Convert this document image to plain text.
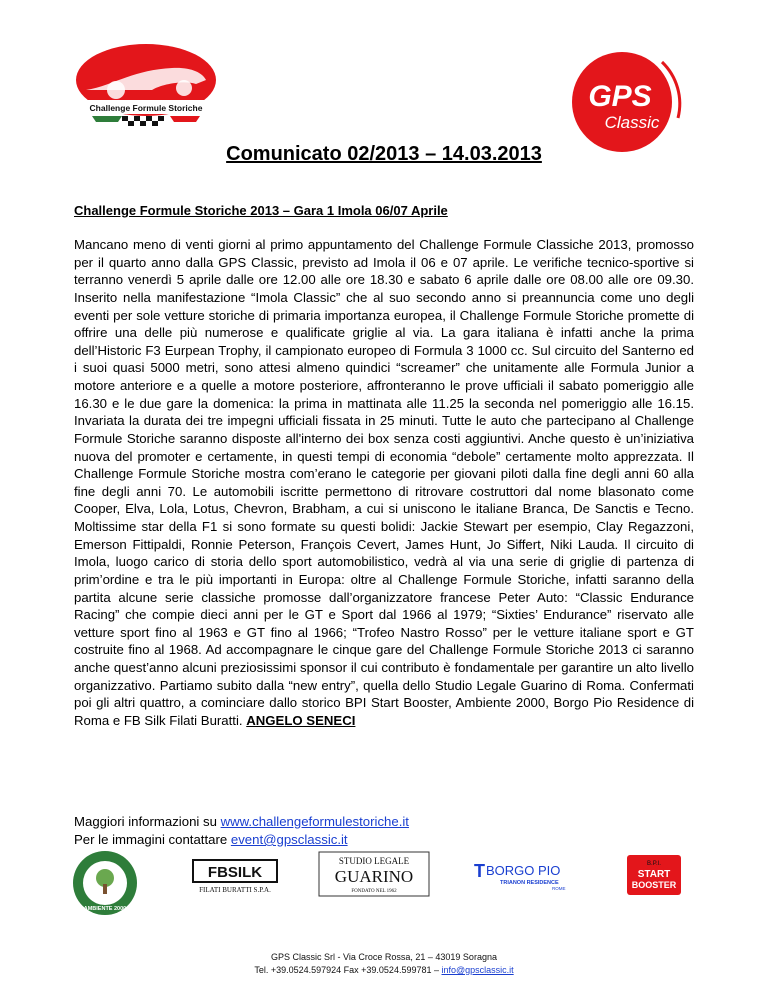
Challenge Formule Storiche	GPS
Classic
Comunicato 02/2013 – 14.03.2013
Challenge Formule Storiche 2013 – Gara 1 Imola 06/07 Aprile
Mancano meno di venti giorni al primo appuntamento del Challenge Formule Classiche 2013, promosso per il quarto anno dalla GPS Classic, previsto ad Imola il 06 e 07 aprile. Le verifiche tecnico-sportive si terranno venerdì 5 aprile dalle ore 12.00 alle ore 18.30 e sabato 6 aprile dalle ore 08.00 alle ore 09.30. Inserito nella manifestazione “Imola Classic” che al suo secondo anno si preannuncia come uno degli eventi per sole vetture storiche di primaria importanza europea, il Challenge Formule Storiche promette di offrire una delle più numerose e qualificate griglie al via. La gara italiana è infatti anche la prima dell’Historic F3 Eurpean Trophy, il campionato europeo di Formula 3 1000 cc. Sul circuito del Santerno ed i suoi quasi 5000 metri, sono attesi almeno quindici “screamer” che unitamente alle Formula Junior a motore anteriore e a quelle a motore posteriore, affronteranno le prove ufficiali il sabato pomeriggio alle 16.30 e le due gare la domenica: la prima in mattinata alle 11.25 la seconda nel pomeriggio alle 16.15. Invariata la durata dei tre impegni ufficiali fissata in 25 minuti. Tutte le auto che partecipano al Challenge Formule Storiche saranno disposte all'interno dei box senza costi aggiuntivi. Anche questo è un’iniziativa nuova del promoter e certamente, in questi tempi di economia “debole” certamente molto apprezzata. Il Challenge Formule Storiche mostra com’erano le categorie per giovani piloti dalla fine degli anni 60 alla fine degli anni 70. Le automobili iscritte permettono di ritrovare costruttori dal nome blasonato come Cooper, Elva, Lola, Lotus, Chevron, Brabham, a cui si uniscono le italiane Branca, De Sanctis e Tecno. Moltissime star della F1 si sono formate su questi bolidi: Jackie Stewart per esempio, Clay Regazzoni, Emerson Fittipaldi, Ronnie Peterson, François Cevert, James Hunt, Jo Siffert, Niki Lauda. Il circuito di Imola, luogo carico di storia dello sport automobilistico, vedrà al via una serie di griglie di partenza di prim’ordine e tra le più importanti in Europa: oltre al Challenge Formule Storiche, infatti saranno della partita alcune serie classiche promosse dall’organizzatore francese Peter Auto: “Classic Endurance Racing” che compie dieci anni per le GT e Sport dal 1966 al 1979; “Sixties’ Endurance” riservato alle vetture sport fino al 1963 e GT fino al 1966; “Trofeo Nastro Rosso” per le vetture italiane sport e GT costruite fino al 1968. Ad accompagnare le cinque gare del Challenge Formule Storiche 2013 ci saranno anche quest’anno alcuni preziosissimi sponsor il cui contributo è fondamentale per garantire un alto livello organizzativo. Partiamo subito dalla “new entry”, quella dello Studio Legale Guarino di Roma. Confermati poi gli altri quattro, a cominciare dallo storico BPI Start Booster, Ambiente 2000, Borgo Pio Residence di Roma e FB Silk Filati Buratti. ANGELO SENECI
Maggiori informazioni su www.challengeformulestoriche.it
Per le immagini contattare event@gpsclassic.it
AMBIENTE 2000
FBSILK
FILATI BURATTI S.P.A.
STUDIO LEGALE
GUARINO
FONDATO NEL 1962
T BORGO PIO
TRIANON RESIDENCE
ROME
B.P.I.
START
BOOSTER
GPS Classic Srl - Via Croce Rossa, 21 – 43019 Soragna
Tel. +39.0524.597924 Fax +39.0524.599781 – info@gpsclassic.it
